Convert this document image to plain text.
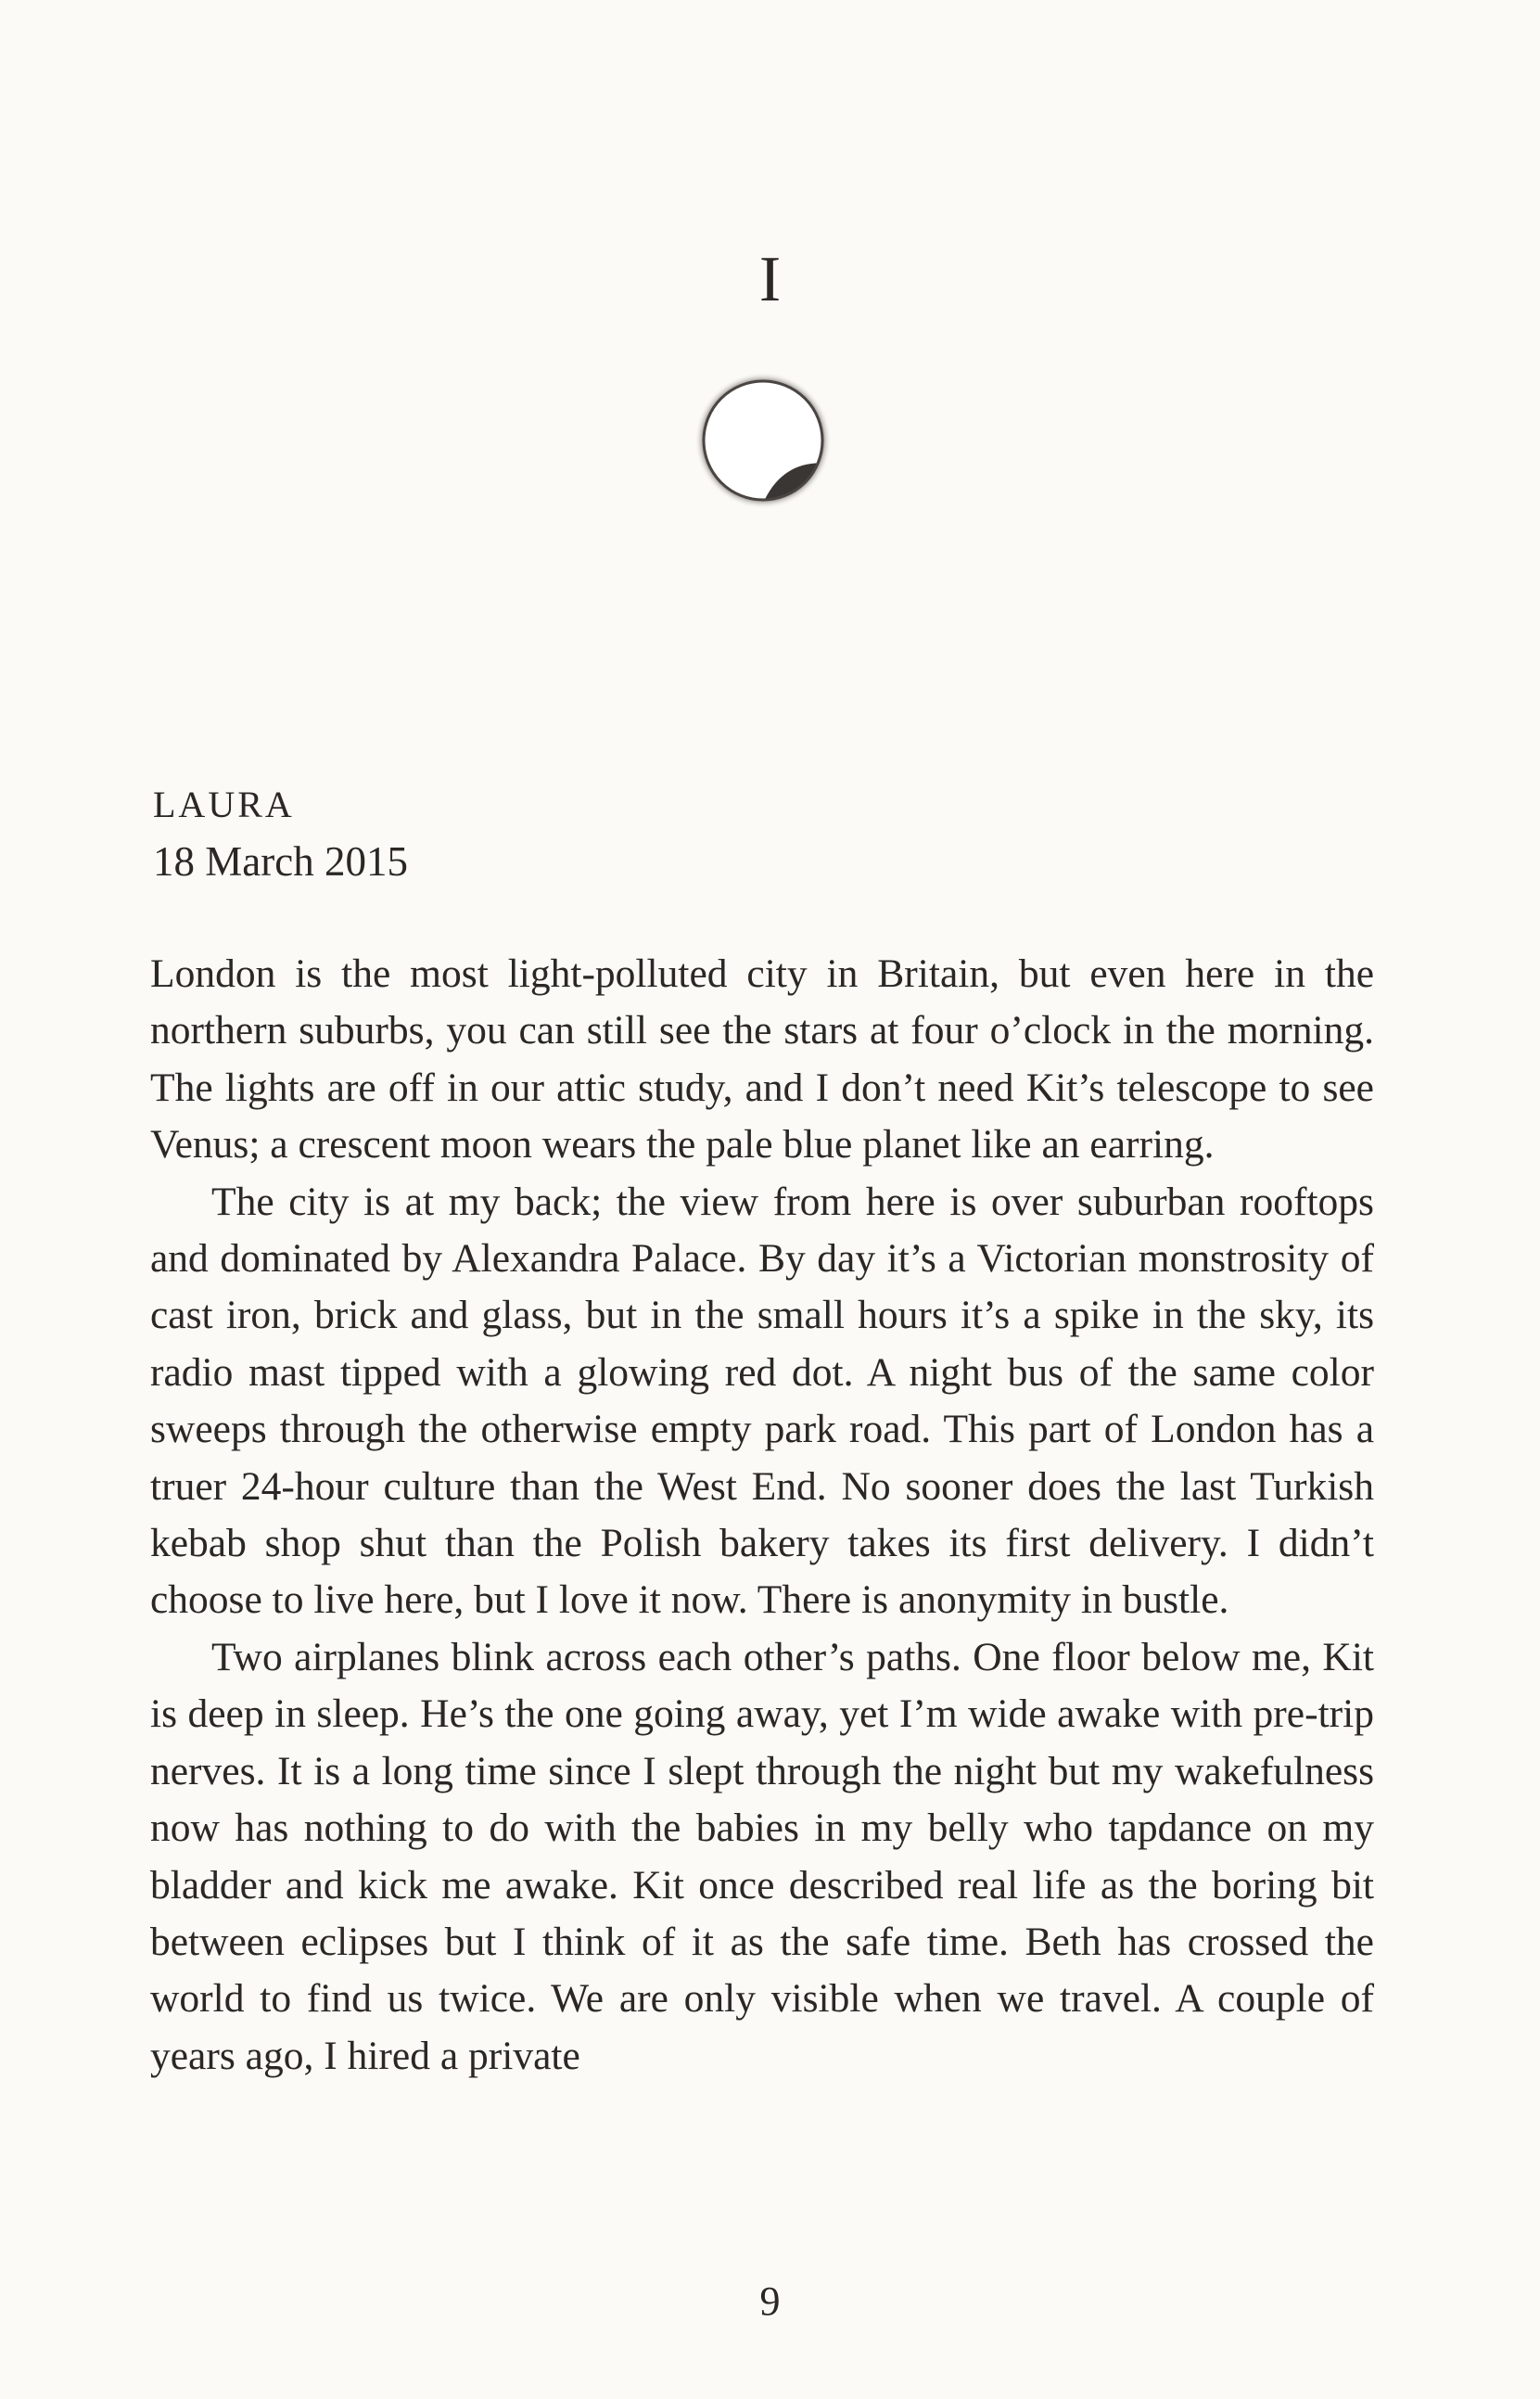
I
LAURA
18 March 2015

London is the most light-polluted city in Britain, but even here in the northern suburbs, you can still see the stars at four o’clock in the morning. The lights are off in our attic study, and I don’t need Kit’s telescope to see Venus; a crescent moon wears the pale blue planet like an earring.

The city is at my back; the view from here is over suburban rooftops and dominated by Alexandra Palace. By day it’s a Victorian monstrosity of cast iron, brick and glass, but in the small hours it’s a spike in the sky, its radio mast tipped with a glowing red dot. A night bus of the same color sweeps through the otherwise empty park road. This part of London has a truer 24-hour culture than the West End. No sooner does the last Turkish kebab shop shut than the Polish bakery takes its first delivery. I didn’t choose to live here, but I love it now. There is anonymity in bustle.

Two airplanes blink across each other’s paths. One floor below me, Kit is deep in sleep. He’s the one going away, yet I’m wide awake with pre-trip nerves. It is a long time since I slept through the night but my wakefulness now has nothing to do with the babies in my belly who tapdance on my bladder and kick me awake. Kit once described real life as the boring bit between eclipses but I think of it as the safe time. Beth has crossed the world to find us twice. We are only visible when we travel. A couple of years ago, I hired a private

9
